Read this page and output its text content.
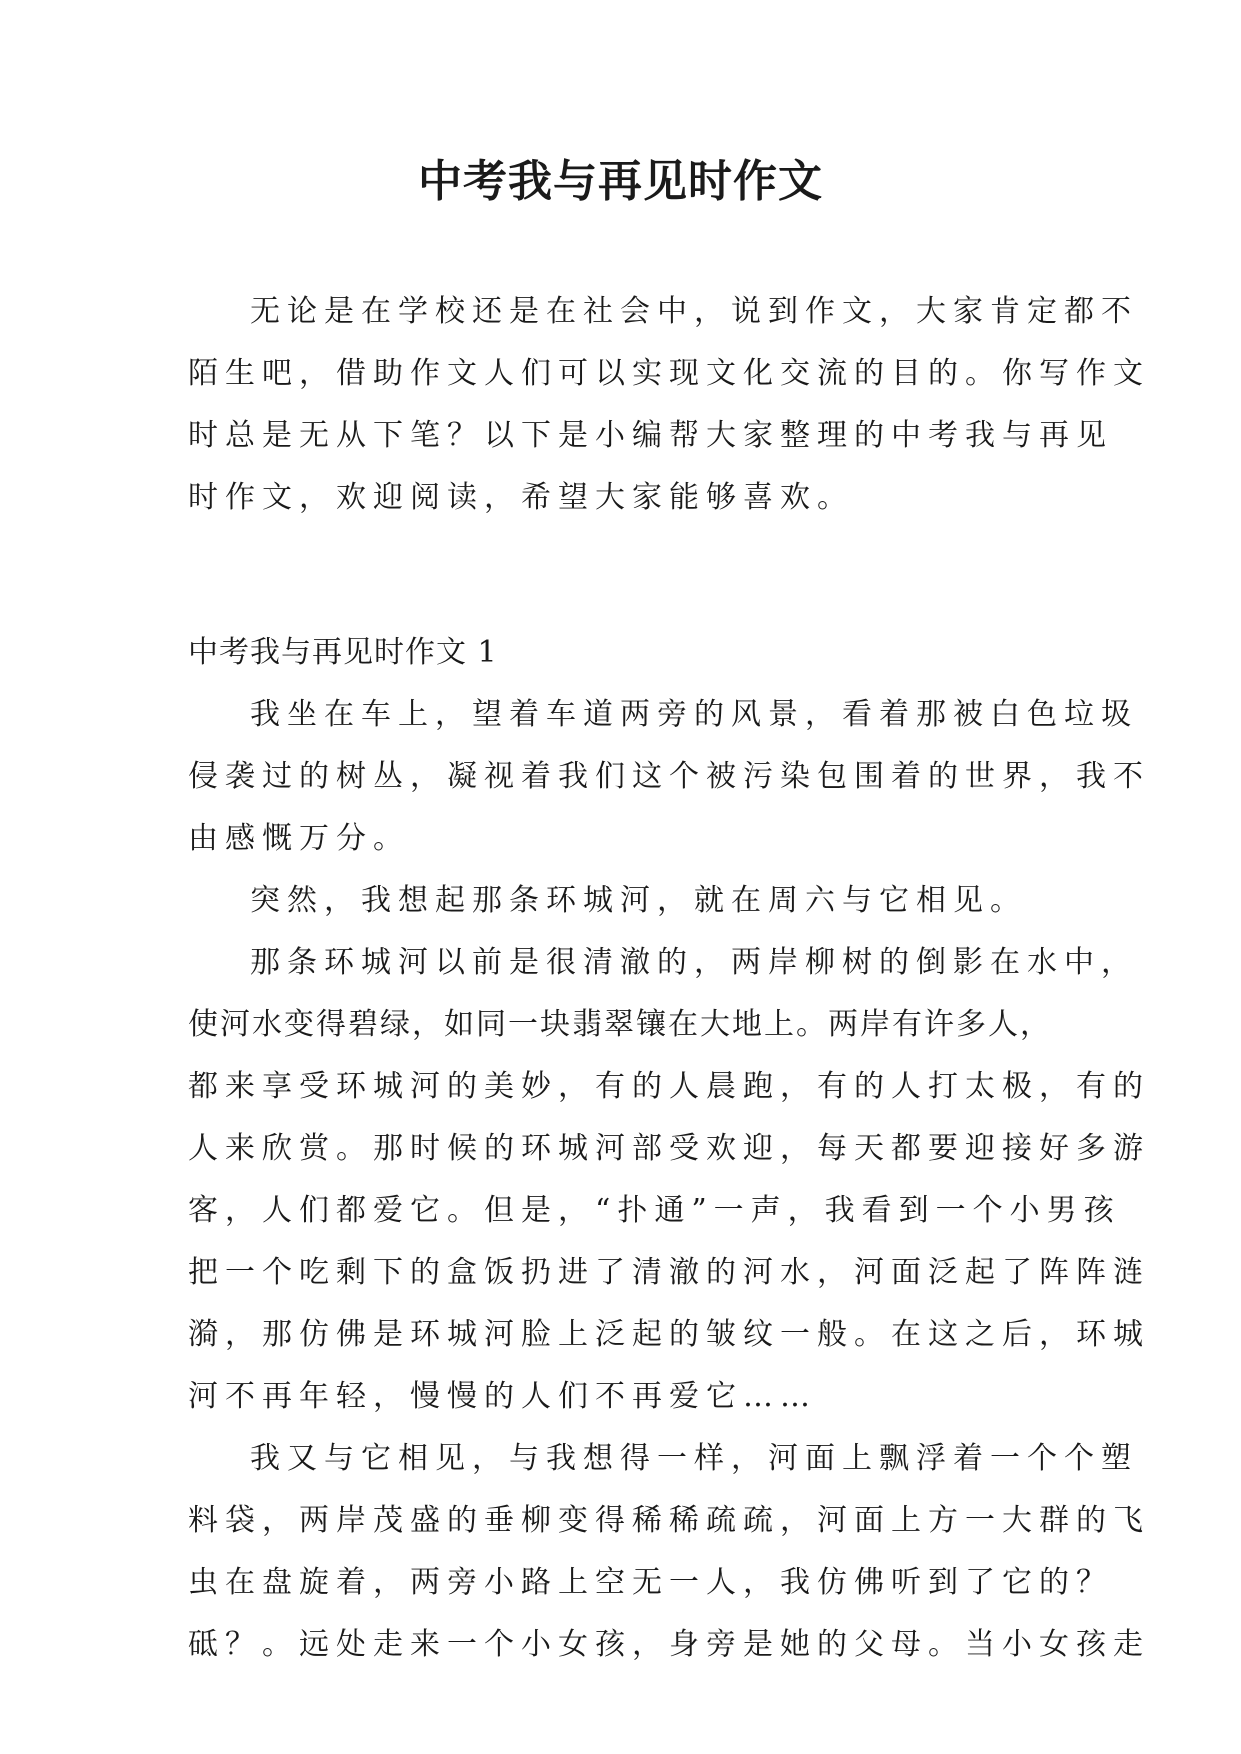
中考我与再见时作文
无论是在学校还是在社会中，说到作文，大家肯定都不
陌生吧，借助作文人们可以实现文化交流的目的。你写作文
时总是无从下笔？以下是小编帮大家整理的中考我与再见
时作文，欢迎阅读，希望大家能够喜欢。
中考我与再见时作文 1
我坐在车上，望着车道两旁的风景，看着那被白色垃圾
侵袭过的树丛，凝视着我们这个被污染包围着的世界，我不
由感慨万分。
突然，我想起那条环城河，就在周六与它相见。
那条环城河以前是很清澈的，两岸柳树的倒影在水中，
使河水变得碧绿，如同一块翡翠镶在大地上。两岸有许多人，
都来享受环城河的美妙，有的人晨跑，有的人打太极，有的
人来欣赏。那时候的环城河部受欢迎，每天都要迎接好多游
客，人们都爱它。但是，“扑通”一声，我看到一个小男孩
把一个吃剩下的盒饭扔进了清澈的河水，河面泛起了阵阵涟
漪，那仿佛是环城河脸上泛起的皱纹一般。在这之后，环城
河不再年轻，慢慢的人们不再爱它……
我又与它相见，与我想得一样，河面上飘浮着一个个塑
料袋，两岸茂盛的垂柳变得稀稀疏疏，河面上方一大群的飞
虫在盘旋着，两旁小路上空无一人，我仿佛听到了它的？
砥？。远处走来一个小女孩，身旁是她的父母。当小女孩走
